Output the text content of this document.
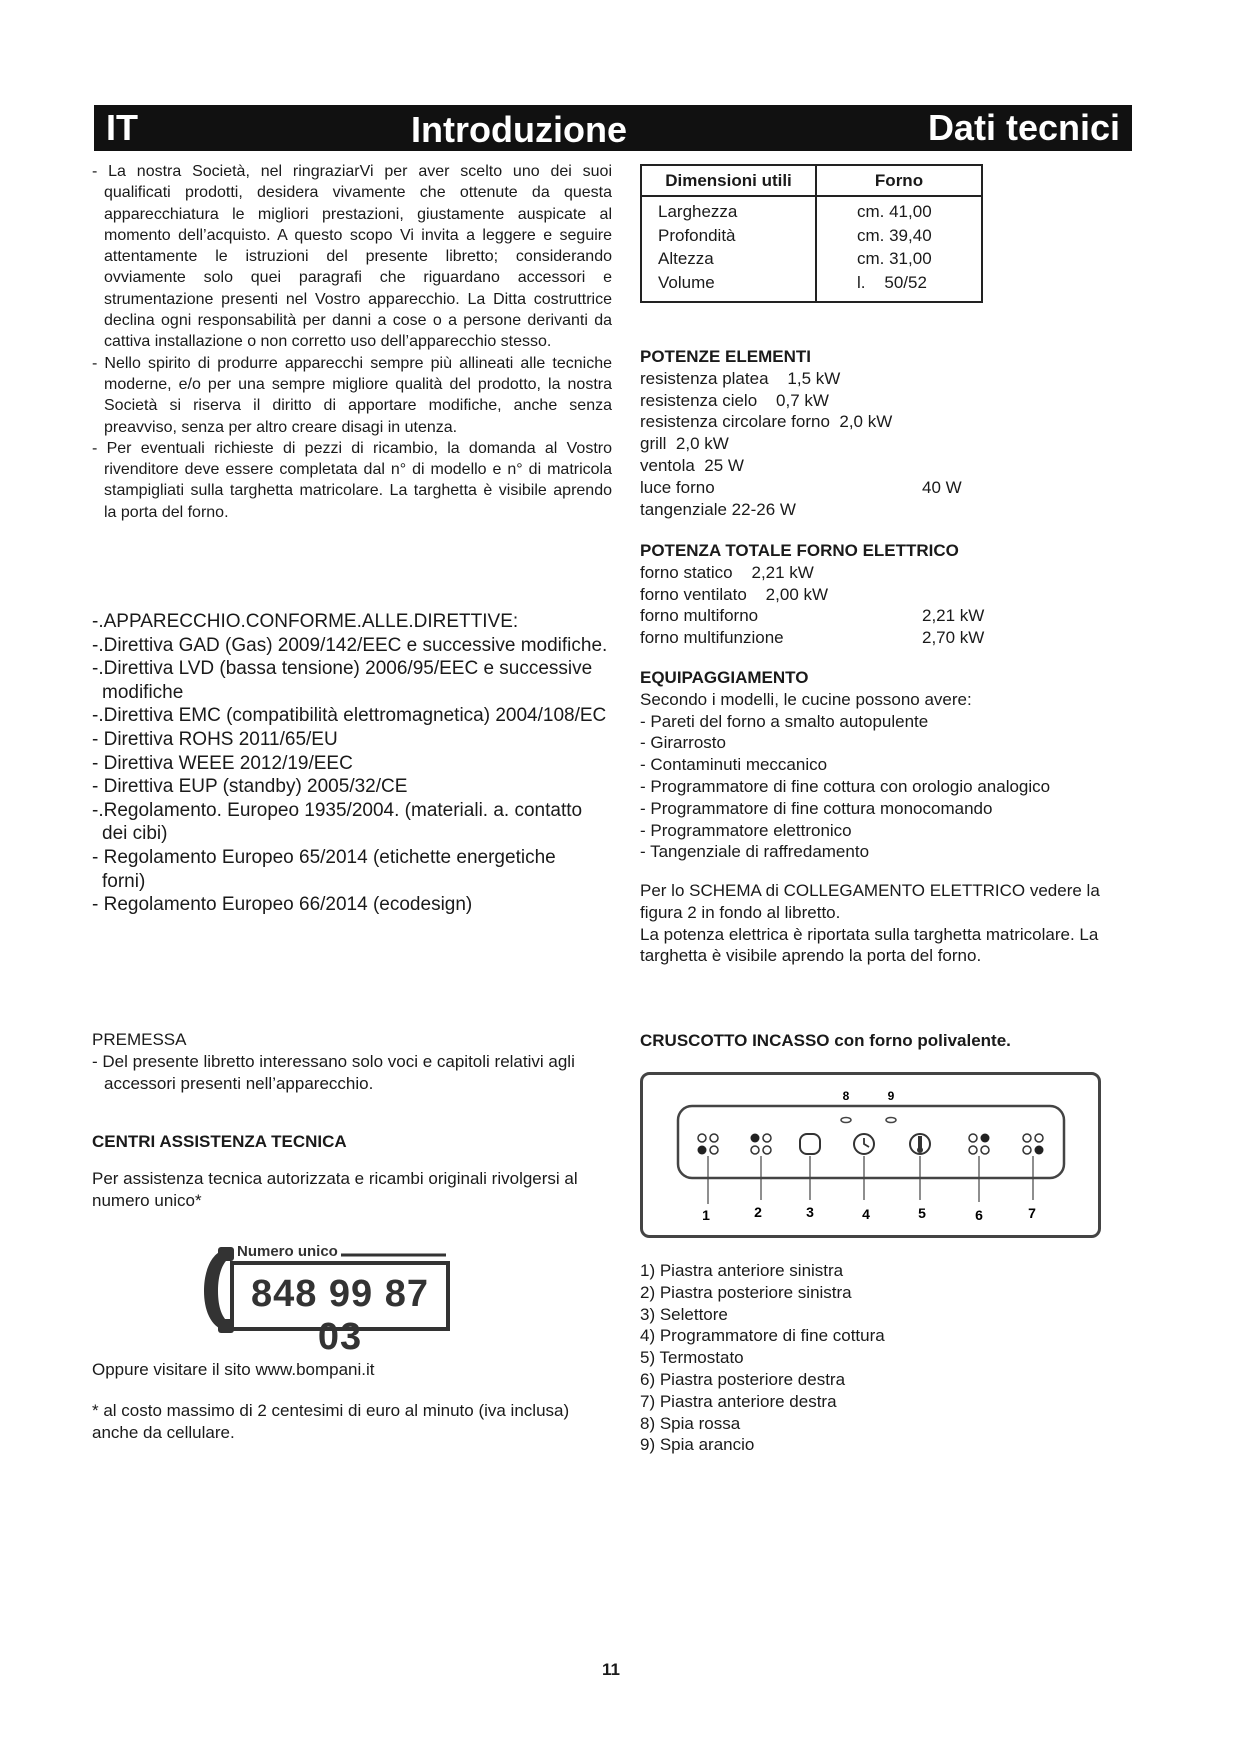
IT	Introduzione	Dati tecnici
- La nostra Società, nel ringraziarVi per aver scelto uno dei suoi qualificati prodotti, desidera vivamente che ottenute da questa apparecchiatura le migliori prestazioni, giustamente auspicate al momento dell’acquisto. A questo scopo Vi invita a leggere e seguire attentamente le istruzioni del presente libretto; considerando ovviamente solo quei paragrafi che riguardano accessori e strumentazione presenti nel Vostro apparecchio. La Ditta costruttrice declina ogni responsabilità per danni a cose o a persone derivanti da cattiva installazione o non corretto uso dell’apparecchio stesso.
- Nello spirito di produrre apparecchi sempre più allineati alle tecniche moderne, e/o per una sempre migliore qualità del prodotto, la nostra Società si riserva il diritto di apportare modifiche, anche senza preavviso, senza per altro creare disagi in utenza.
- Per eventuali richieste di pezzi di ricambio, la domanda al Vostro rivenditore deve essere completata dal n° di modello e n° di matricola stampigliati sulla targhetta matricolare. La targhetta è visibile aprendo la porta del forno.
-.APPARECCHIO.CONFORME.ALLE.DIRETTIVE:
-.Direttiva GAD (Gas) 2009/142/EEC e successive modifiche.
-.Direttiva LVD (bassa tensione) 2006/95/EEC e successive modifiche
-.Direttiva EMC (compatibilità elettromagnetica) 2004/108/EC
- Direttiva ROHS 2011/65/EU
- Direttiva WEEE 2012/19/EEC
- Direttiva EUP (standby) 2005/32/CE
-.Regolamento. Europeo 1935/2004. (materiali. a. contatto dei cibi)
- Regolamento Europeo 65/2014 (etichette energetiche forni)
- Regolamento Europeo 66/2014 (ecodesign)

PREMESSA

- Del presente libretto interessano solo voci e capitoli relativi agli accessori presenti nell’apparecchio.

CENTRI ASSISTENZA TECNICA

Per assistenza tecnica autorizzata e ricambi originali rivolgersi al numero unico*

Numero unico
848 99 87 03
Oppure visitare il sito www.bompani.it
* al costo massimo di 2 centesimi di euro al minuto (iva inclusa) anche da cellulare.
Dimensioni utili	Forno
Larghezza	cm. 41,00
Profondità	cm. 39,40
Altezza	cm. 31,00
Volume	l.    50/52

POTENZE ELEMENTI

resistenza platea    1,5 kW

resistenza cielo    0,7 kW

resistenza circolare forno  2,0 kW

grill  2,0 kW

ventola  25 W

luce forno	40 W

tangenziale 22-26 W

POTENZA TOTALE FORNO ELETTRICO

forno statico    2,21 kW
forno ventilato    2,00 kW
forno multiforno	2,21 kW
forno multifunzione	2,70 kW

EQUIPAGGIAMENTO

Secondo i modelli, le cucine possono avere:

- Pareti del forno a smalto autopulente

- Girarrosto

- Contaminuti meccanico

- Programmatore di fine cottura con orologio analogico

- Programmatore di fine cottura monocomando

- Programmatore elettronico

- Tangenziale di raffredamento

Per lo SCHEMA di COLLEGAMENTO ELETTRICO vedere la figura 2 in fondo al libretto.

La potenza elettrica è riportata sulla targhetta matricolare. La targhetta è visibile aprendo la porta del forno.

CRUSCOTTO INCASSO con forno polivalente.
8	9
1	2	3	4	5	6	7

1) Piastra anteriore sinistra

2) Piastra posteriore sinistra

3) Selettore

4) Programmatore di fine cottura

5) Termostato

6) Piastra posteriore destra

7) Piastra anteriore destra

8) Spia rossa

9) Spia arancio

11
